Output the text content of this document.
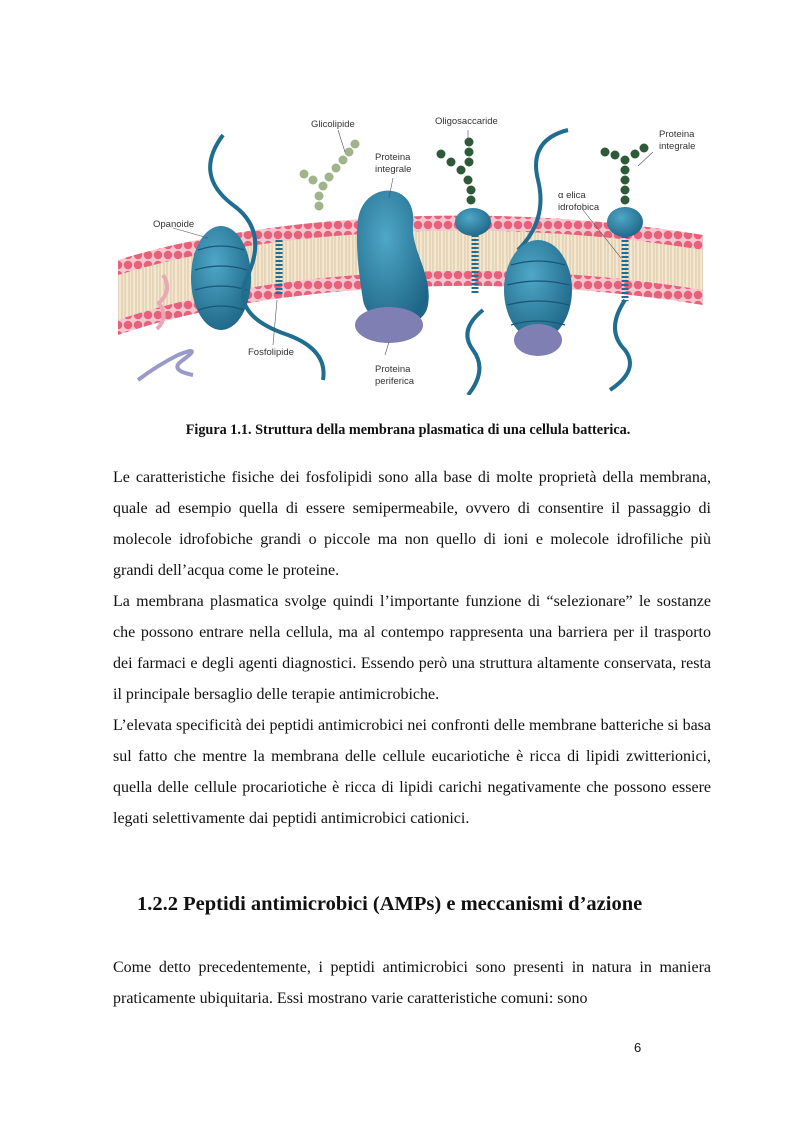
Glicolipide	Oligosaccaride
Proteina
integrale
Proteina
integrale
α elica
idrofobica
Opanoide
Fosfolipide
Proteina
periferica

Figura 1.1. Struttura della membrana plasmatica di una cellula batterica.

Le caratteristiche fisiche dei fosfolipidi sono alla base di molte proprietà della membrana, quale ad esempio quella di essere semipermeabile, ovvero di consentire il passaggio di molecole idrofobiche grandi o piccole ma non quello di ioni e molecole idrofiliche più grandi dell’acqua come le proteine.

La membrana plasmatica svolge quindi l’importante funzione di “selezionare” le sostanze che possono entrare nella cellula, ma al contempo rappresenta una barriera per il trasporto dei farmaci e degli agenti diagnostici. Essendo però una struttura altamente conservata, resta il principale bersaglio delle terapie antimicrobiche.

L’elevata specificità dei peptidi antimicrobici nei confronti delle membrane batteriche si basa sul fatto che mentre la membrana delle cellule eucariotiche è ricca di lipidi zwitterionici, quella delle cellule procariotiche è ricca di lipidi carichi negativamente che possono essere legati selettivamente dai peptidi antimicrobici cationici.

1.2.2 Peptidi antimicrobici (AMPs) e meccanismi d’azione

Come detto precedentemente, i peptidi antimicrobici sono presenti in natura in maniera praticamente ubiquitaria. Essi mostrano varie caratteristiche comuni: sono

6
